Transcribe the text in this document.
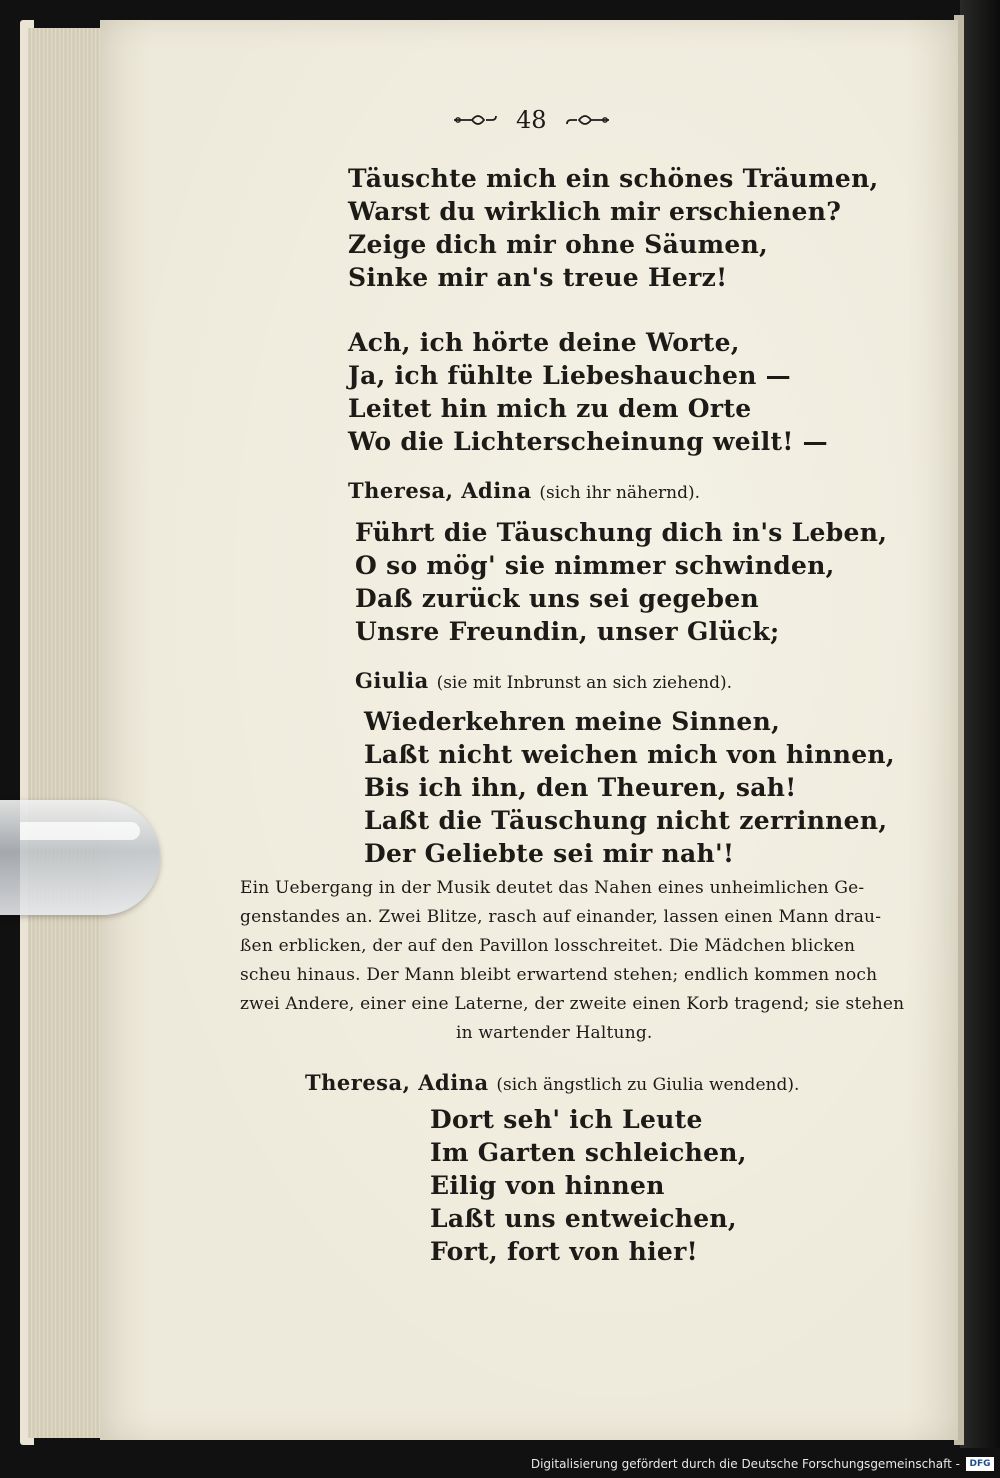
48
Täuschte mich ein schönes Träumen,
Warst du wirklich mir erschienen?
Zeige dich mir ohne Säumen,
Sinke mir an's treue Herz!
Ach, ich hörte deine Worte,
Ja, ich fühlte Liebeshauchen —
Leitet hin mich zu dem Orte
Wo die Lichterscheinung weilt! —
Theresa, Adina (sich ihr nähernd).
Führt die Täuschung dich in's Leben,
O so mög' sie nimmer schwinden,
Daß zurück uns sei gegeben
Unsre Freundin, unser Glück;
Giulia (sie mit Inbrunst an sich ziehend).
Wiederkehren meine Sinnen,
Laßt nicht weichen mich von hinnen,
Bis ich ihn, den Theuren, sah!
Laßt die Täuschung nicht zerrinnen,
Der Geliebte sei mir nah'!
Ein Uebergang in der Musik deutet das Nahen eines unheimlichen Ge-
genstandes an. Zwei Blitze, rasch auf einander, lassen einen Mann drau-
ßen erblicken, der auf den Pavillon losschreitet. Die Mädchen blicken
scheu hinaus. Der Mann bleibt erwartend stehen; endlich kommen noch
zwei Andere, einer eine Laterne, der zweite einen Korb tragend; sie stehen
in wartender Haltung.
Theresa, Adina (sich ängstlich zu Giulia wendend).
Dort seh' ich Leute
Im Garten schleichen,
Eilig von hinnen
Laßt uns entweichen,
Fort, fort von hier!
Digitalisierung gefördert durch die Deutsche Forschungsgemeinschaft -	DFG
